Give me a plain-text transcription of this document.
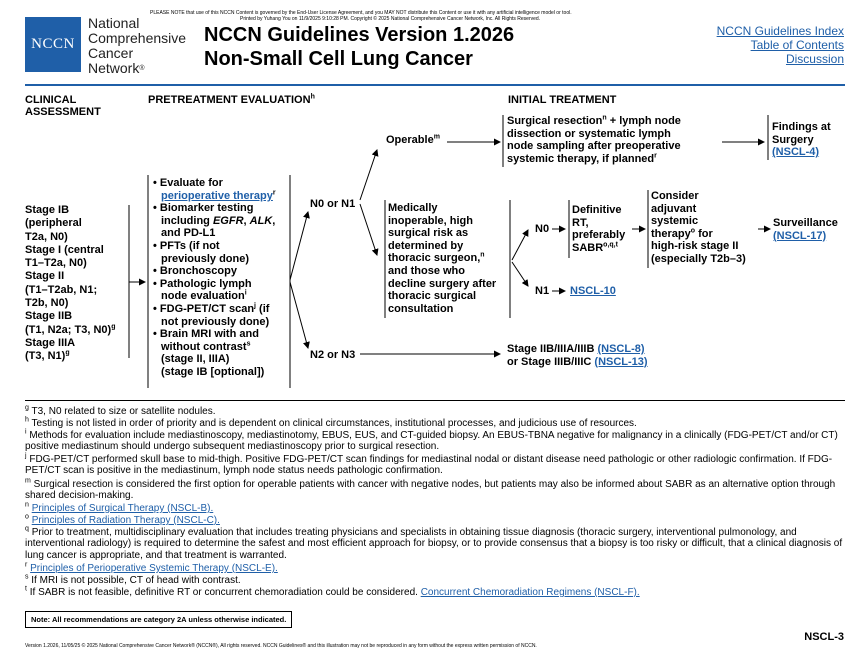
PLEASE NOTE that use of this NCCN Content is governed by the End-User License Agreement, and you MAY NOT distribute this Content or use it with any artificial intelligence model or tool.
Printed by Yuhang You on 11/9/2025 9:10:28 PM. Copyright © 2025 National Comprehensive Cancer Network, Inc. All Rights Reserved.
NCCN
National
Comprehensive
Cancer
Network®
NCCN Guidelines Version 1.2026
Non-Small Cell Lung Cancer
NCCN Guidelines Index
Table of Contents
Discussion
CLINICAL
ASSESSMENT
PRETREATMENT EVALUATION$^h$	INITIAL TREATMENT
Stage IB
(peripheral
T2a, N0)
Stage I (central
T1–T2a, N0)
Stage II
(T1–T2ab, N1;
T2b, N0)
Stage IIB
(T1, N2a; T3, N0)$^g$
Stage IIIA
(T3, N1)$^g$
• Evaluate for
perioperative therapy$^r$
• Biomarker testing
including EGFR, ALK,
and PD-L1
• PFTs (if not
previously done)
• Bronchoscopy
• Pathologic lymph
node evaluation$^i$
• FDG-PET/CT scan$^j$ (if
not previously done)
• Brain MRI with and
without contrast$^s$
(stage II, IIIA)
(stage IB [optional])
N0 or N1
N2 or N3
Operable$^m$
Medically
inoperable, high
surgical risk as
determined by
thoracic surgeon,$^n$
and those who
decline surgery after
thoracic surgical
consultation
Surgical resection$^n$ + lymph node
dissection or systematic lymph
node sampling after preoperative
systemic therapy, if planned$^r$
Findings at
Surgery
(NSCL-4)
N0
N1 NSCL-10
Definitive
RT,
preferably
SABR$^{o,q,t}$
Consider
adjuvant
systemic
therapy$^o$ for
high-risk stage II
(especially T2b–3)
Surveillance
(NSCL-17)
Stage IIB/IIIA/IIIB (NSCL-8)
or Stage IIIB/IIIC (NSCL-13)
$^g$ T3, N0 related to size or satellite nodules.
$^h$ Testing is not listed in order of priority and is dependent on clinical circumstances, institutional processes, and judicious use of resources.
$^i$ Methods for evaluation include mediastinoscopy, mediastinotomy, EBUS, EUS, and CT-guided biopsy. An EBUS-TBNA negative for malignancy in a clinically (FDG-PET/CT and/or CT) positive mediastinum should undergo subsequent mediastinoscopy prior to surgical resection.
$^j$ FDG-PET/CT performed skull base to mid-thigh. Positive FDG-PET/CT scan findings for mediastinal nodal or distant disease need pathologic or other radiologic confirmation. If FDG-PET/CT scan is positive in the mediastinum, lymph node status needs pathologic confirmation.
$^m$ Surgical resection is considered the first option for operable patients with cancer with negative nodes, but patients may also be informed about SABR as an alternative option through shared decision-making.
$^n$ Principles of Surgical Therapy (NSCL-B).
$^o$ Principles of Radiation Therapy (NSCL-C).
$^q$ Prior to treatment, multidisciplinary evaluation that includes treating physicians and specialists in obtaining tissue diagnosis (thoracic surgery, interventional pulmonology, and interventional radiology) is required to determine the safest and most efficient approach for biopsy, or to provide consensus that a biopsy is too risky or difficult, that a clinical diagnosis of lung cancer is appropriate, and that treatment is warranted.
$^r$ Principles of Perioperative Systemic Therapy (NSCL-E).
$^s$ If MRI is not possible, CT of head with contrast.
$^t$ If SABR is not feasible, definitive RT or concurrent chemoradiation could be considered. Concurrent Chemoradiation Regimens (NSCL-F).
Note: All recommendations are category 2A unless otherwise indicated.
Version 1.2026, 11/05/25 © 2025 National Comprehensive Cancer Network® (NCCN®), All rights reserved. NCCN Guidelines® and this illustration may not be reproduced in any form without the express written permission of NCCN.
NSCL-3
